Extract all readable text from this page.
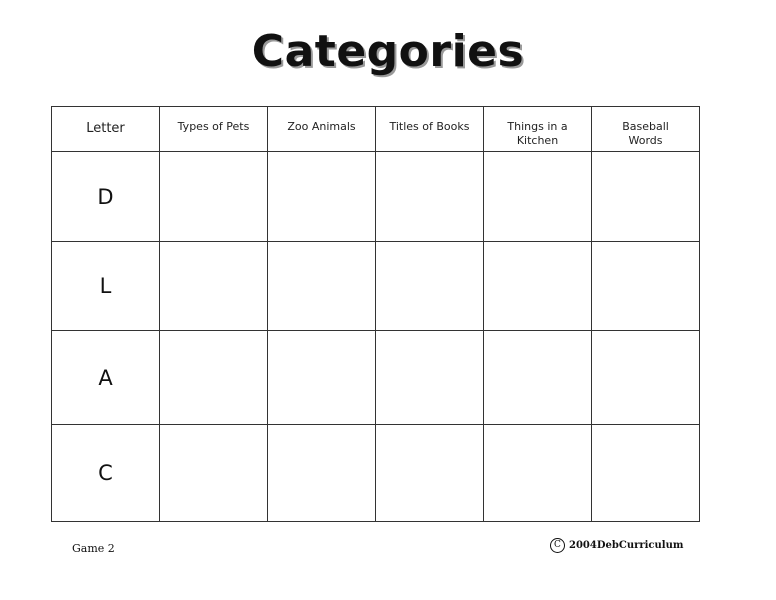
Categories
Letter	Types of Pets	Zoo Animals	Titles of Books	Things in a Kitchen	Baseball Words
D					
L					
A					
C					
Game 2	C 2004DebCurriculum
